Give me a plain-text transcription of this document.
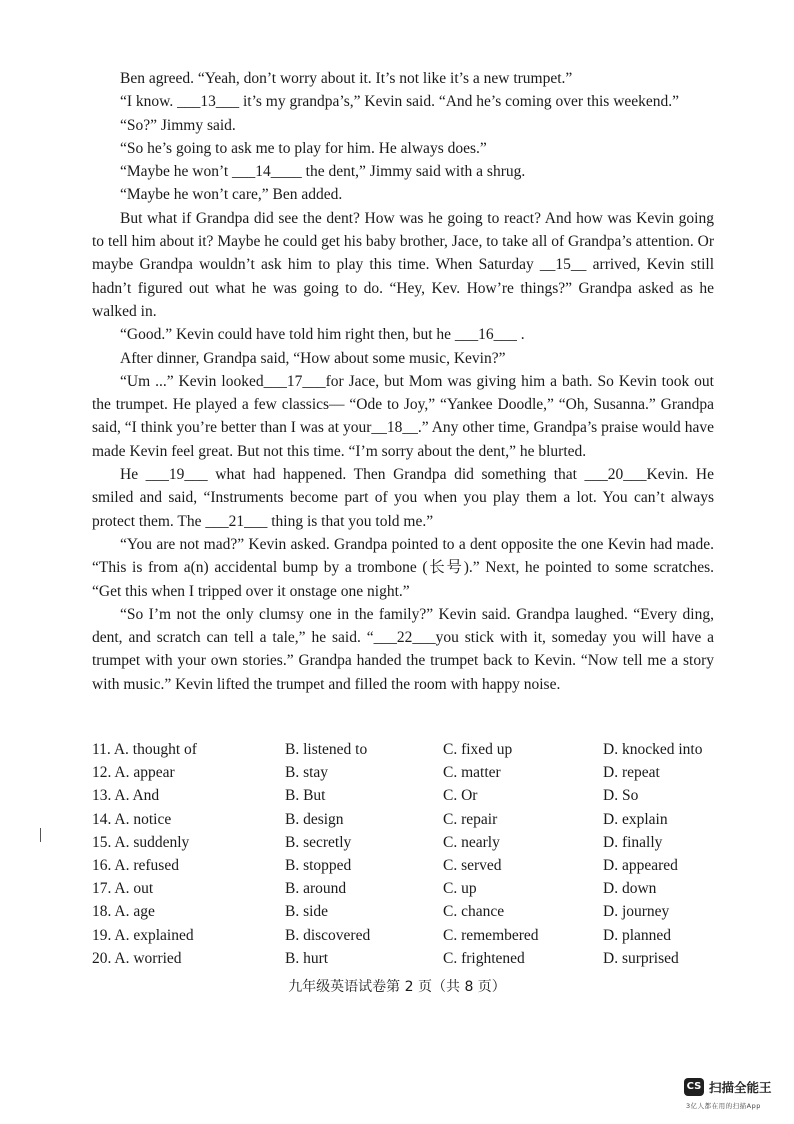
Ben agreed. “Yeah, don’t worry about it. It’s not like it’s a new trumpet.”
“I know. ___13___ it’s my grandpa’s,” Kevin said. “And he’s coming over this weekend.”
“So?” Jimmy said.
“So he’s going to ask me to play for him. He always does.”
“Maybe he won’t ___14____ the dent,” Jimmy said with a shrug.
“Maybe he won’t care,” Ben added.
But what if Grandpa did see the dent? How was he going to react? And how was Kevin going to tell him about it? Maybe he could get his baby brother, Jace, to take all of Grandpa’s attention. Or maybe Grandpa wouldn’t ask him to play this time. When Saturday __15__ arrived, Kevin still hadn’t figured out what he was going to do. “Hey, Kev. How’re things?” Grandpa asked as he walked in.
“Good.” Kevin could have told him right then, but he ___16___ .
After dinner, Grandpa said, “How about some music, Kevin?”
“Um ...” Kevin looked___17___for Jace, but Mom was giving him a bath. So Kevin took out the trumpet. He played a few classics— “Ode to Joy,” “Yankee Doodle,” “Oh, Susanna.” Grandpa said, “I think you’re better than I was at your__18__.” Any other time, Grandpa’s praise would have made Kevin feel great. But not this time. “I’m sorry about the dent,” he blurted.
He ___19___ what had happened. Then Grandpa did something that ___20___Kevin. He smiled and said, “Instruments become part of you when you play them a lot. You can’t always protect them. The ___21___ thing is that you told me.”
“You are not mad?” Kevin asked. Grandpa pointed to a dent opposite the one Kevin had made. “This is from a(n) accidental bump by a trombone (长号).” Next, he pointed to some scratches. “Get this when I tripped over it onstage one night.”
“So I’m not the only clumsy one in the family?” Kevin said. Grandpa laughed. “Every ding, dent, and scratch can tell a tale,” he said. “___22___you stick with it, someday you will have a trumpet with your own stories.” Grandpa handed the trumpet back to Kevin. “Now tell me a story with music.” Kevin lifted the trumpet and filled the room with happy noise.

11. A. thought of	B. listened to	C. fixed up	D. knocked into
12. A. appear	B. stay	C. matter	D. repeat
13. A. And	B. But	C. Or	D. So
14. A. notice	B. design	C. repair	D. explain
15. A. suddenly	B. secretly	C. nearly	D. finally
16. A. refused	B. stopped	C. served	D. appeared
17. A. out	B. around	C. up	D. down
18. A. age	B. side	C. chance	D. journey
19. A. explained	B. discovered	C. remembered	D. planned
20. A. worried	B. hurt	C. frightened	D. surprised
九年级英语试卷第 2 页（共 8 页）
CS 扫描全能王
3亿人都在用的扫描App
